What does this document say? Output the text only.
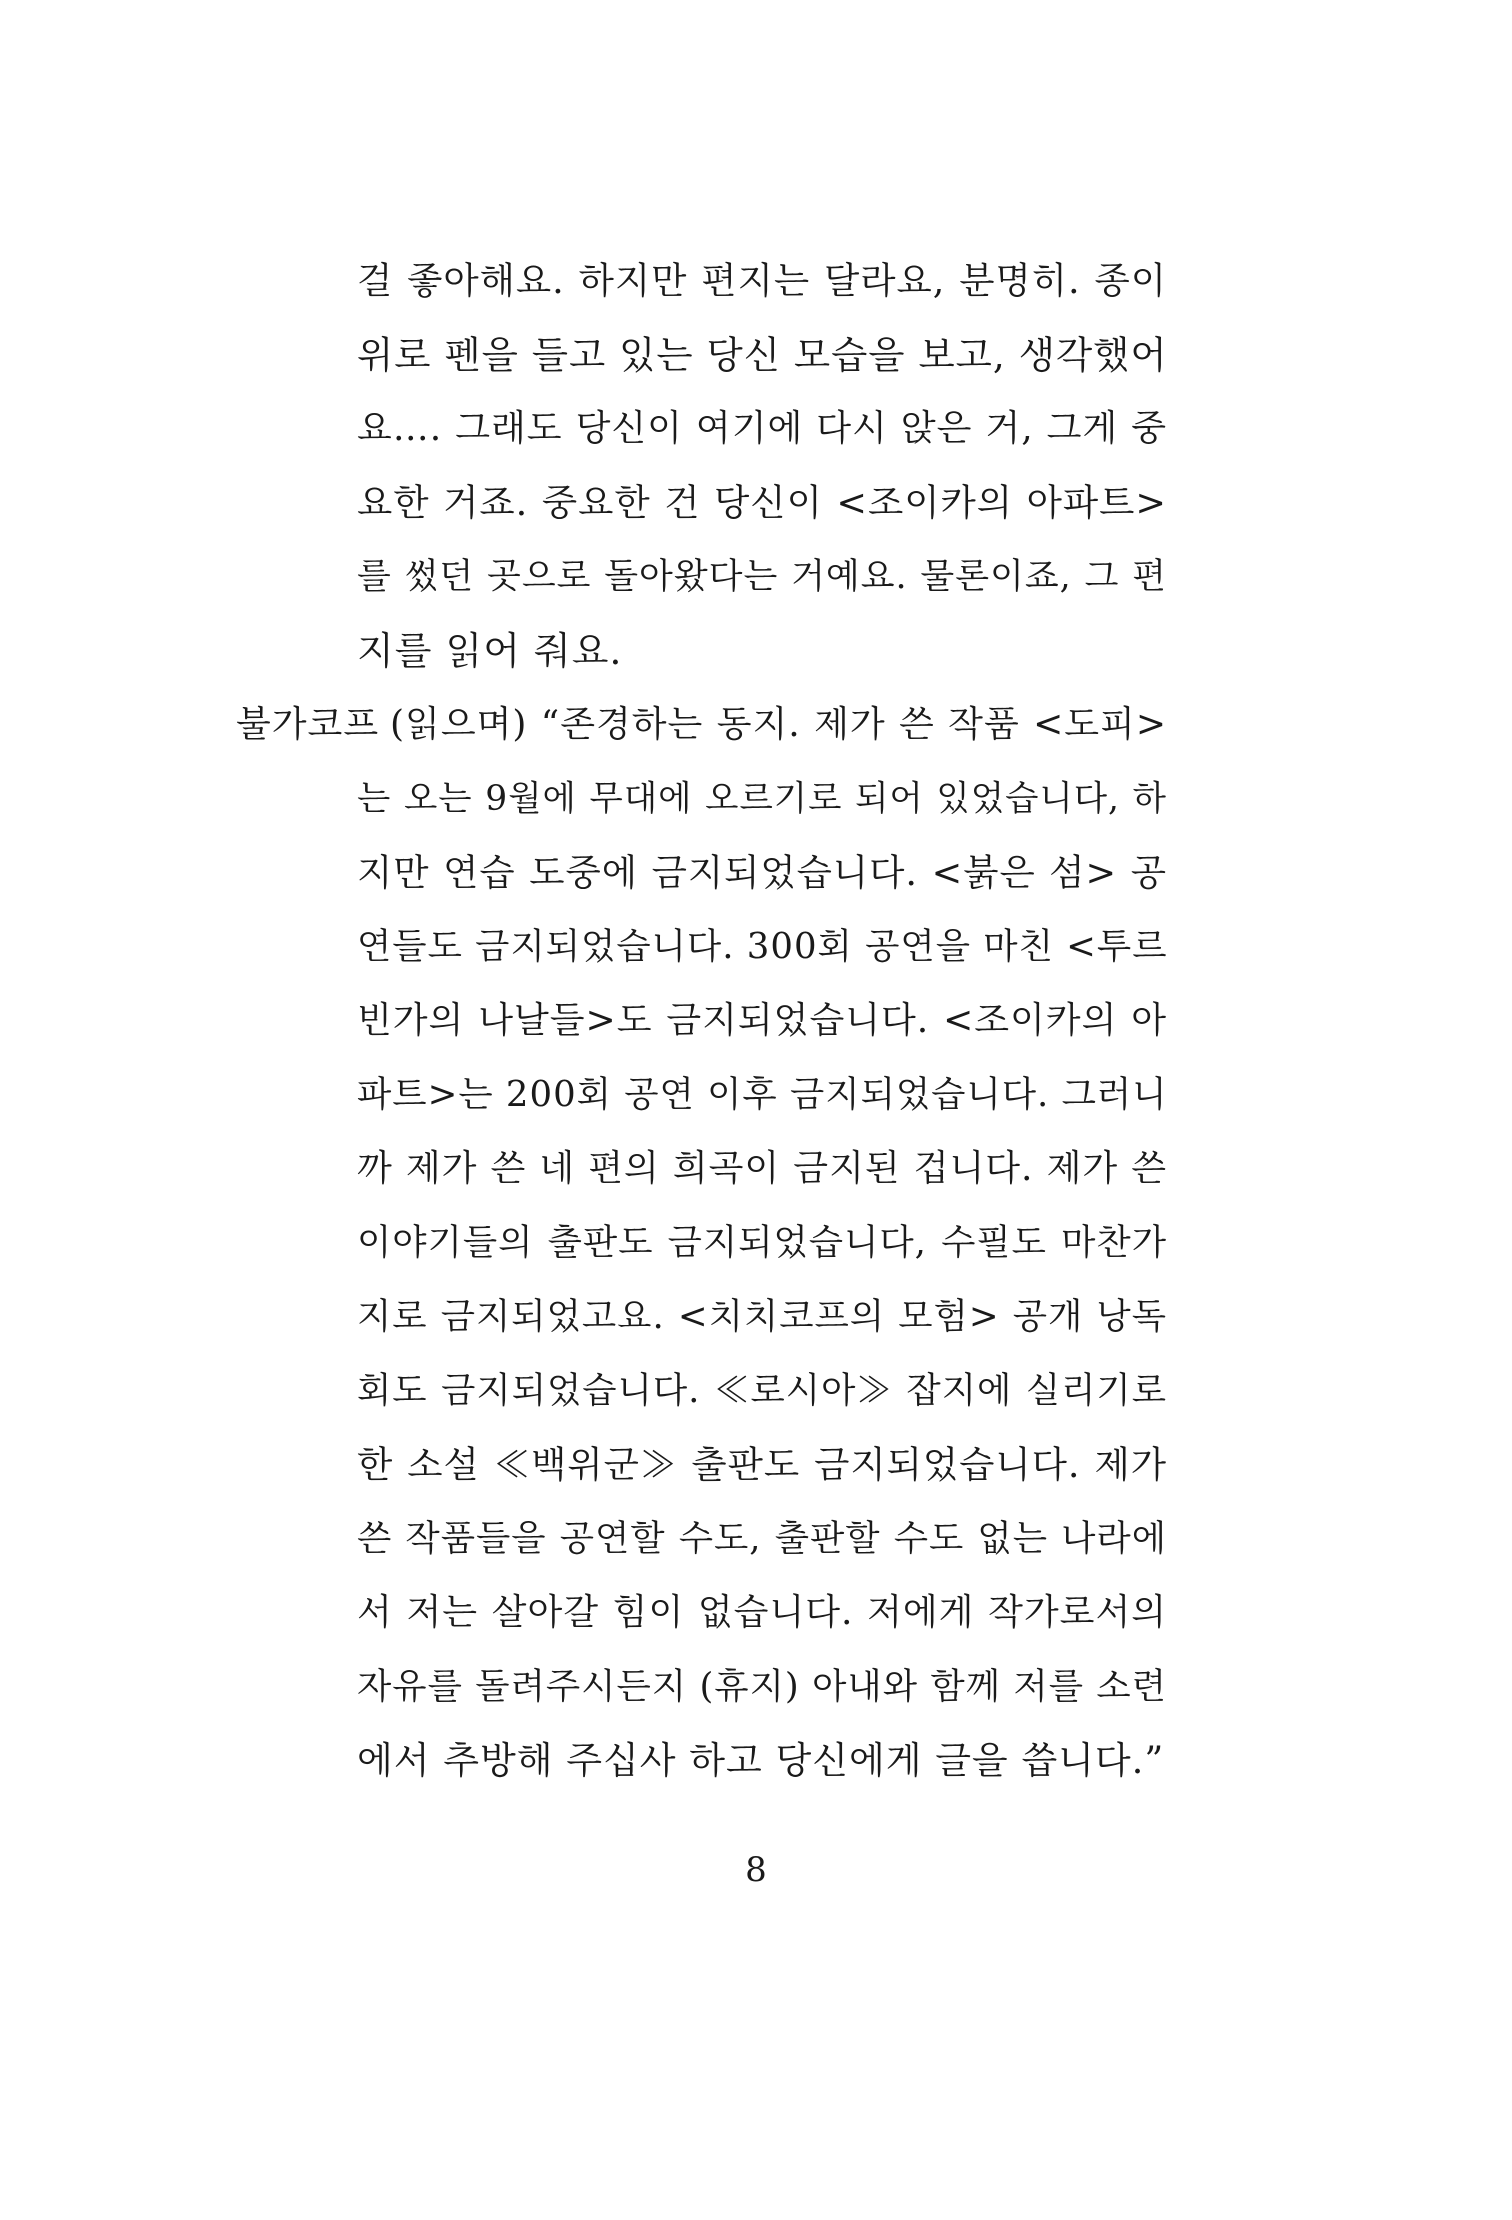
걸 좋아해요. 하지만 편지는 달라요, 분명히. 종이
위로 펜을 들고 있는 당신 모습을 보고, 생각했어
요…. 그래도 당신이 여기에 다시 앉은 거, 그게 중
요한 거죠. 중요한 건 당신이 <조이카의 아파트>
를 썼던 곳으로 돌아왔다는 거예요. 물론이죠, 그 편
지를 읽어 줘요.
불가코프 (읽으며) “존경하는 동지. 제가 쓴 작품 <도피>
는 오는 9월에 무대에 오르기로 되어 있었습니다, 하
지만 연습 도중에 금지되었습니다. <붉은 섬> 공
연들도 금지되었습니다. 300회 공연을 마친 <투르
빈가의 나날들>도 금지되었습니다. <조이카의 아
파트>는 200회 공연 이후 금지되었습니다. 그러니
까 제가 쓴 네 편의 희곡이 금지된 겁니다. 제가 쓴
이야기들의 출판도 금지되었습니다, 수필도 마찬가
지로 금지되었고요. <치치코프의 모험> 공개 낭독
회도 금지되었습니다. ≪로시아≫ 잡지에 실리기로
한 소설 ≪백위군≫ 출판도 금지되었습니다. 제가
쓴 작품들을 공연할 수도, 출판할 수도 없는 나라에
서 저는 살아갈 힘이 없습니다. 저에게 작가로서의
자유를 돌려주시든지 (휴지) 아내와 함께 저를 소련
에서 추방해 주십사 하고 당신에게 글을 씁니다.”
8
